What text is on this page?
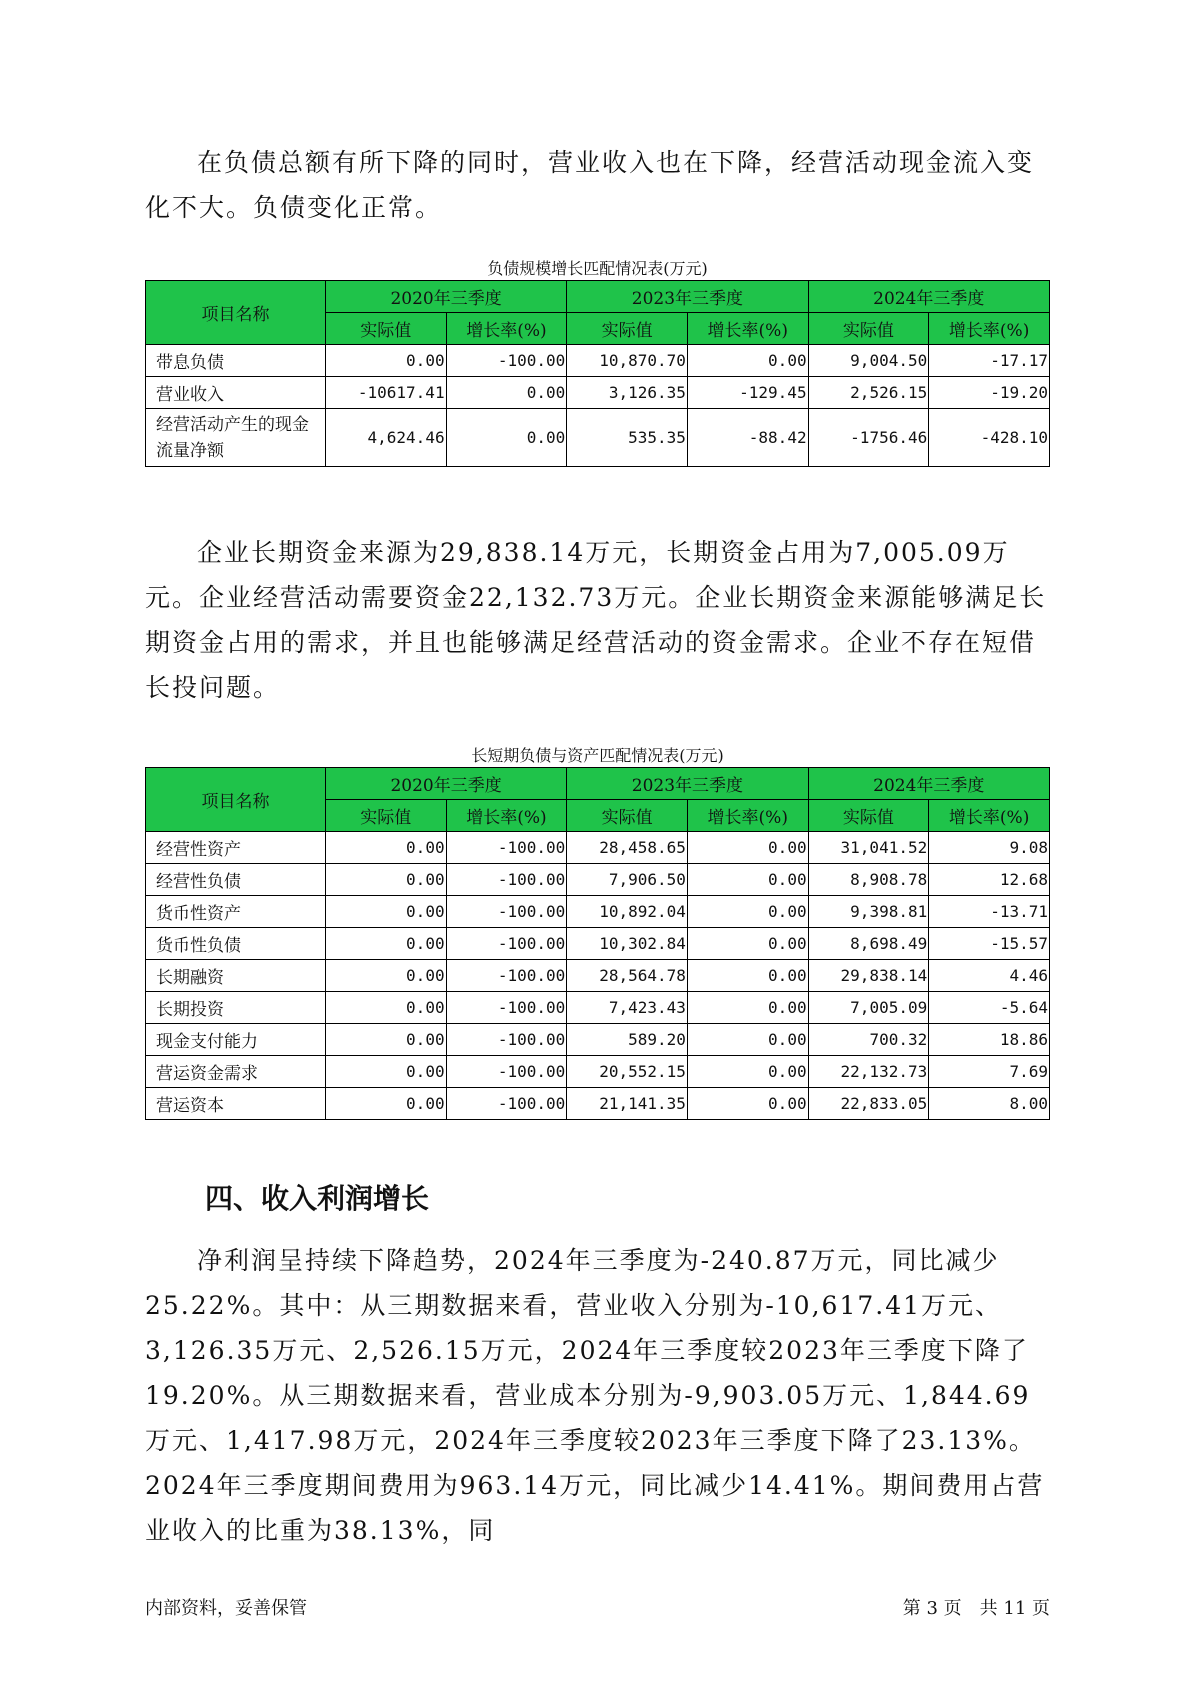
在负债总额有所下降的同时，营业收入也在下降，经营活动现金流入变化不大。负债变化正常。

负债规模增长匹配情况表(万元)
项目名称	2020年三季度		2023年三季度		2024年三季度	
	实际值	增长率(%)	实际值	增长率(%)	实际值	增长率(%)
带息负债	0.00	-100.00	10,870.70	0.00	9,004.50	-17.17
营业收入	-10617.41	0.00	3,126.35	-129.45	2,526.15	-19.20
经营活动产生的现金流量净额	4,624.46	0.00	535.35	-88.42	-1756.46	-428.10

企业长期资金来源为29,838.14万元，长期资金占用为7,005.09万元。企业经营活动需要资金22,132.73万元。企业长期资金来源能够满足长期资金占用的需求，并且也能够满足经营活动的资金需求。企业不存在短借长投问题。

长短期负债与资产匹配情况表(万元)
项目名称	2020年三季度		2023年三季度		2024年三季度	
	实际值	增长率(%)	实际值	增长率(%)	实际值	增长率(%)
经营性资产	0.00	-100.00	28,458.65	0.00	31,041.52	9.08
经营性负债	0.00	-100.00	7,906.50	0.00	8,908.78	12.68
货币性资产	0.00	-100.00	10,892.04	0.00	9,398.81	-13.71
货币性负债	0.00	-100.00	10,302.84	0.00	8,698.49	-15.57
长期融资	0.00	-100.00	28,564.78	0.00	29,838.14	4.46
长期投资	0.00	-100.00	7,423.43	0.00	7,005.09	-5.64
现金支付能力	0.00	-100.00	589.20	0.00	700.32	18.86
营运资金需求	0.00	-100.00	20,552.15	0.00	22,132.73	7.69
营运资本	0.00	-100.00	21,141.35	0.00	22,833.05	8.00
四、收入利润增长

净利润呈持续下降趋势，2024年三季度为-240.87万元，同比减少25.22%。其中：从三期数据来看，营业收入分别为-10,617.41万元、3,126.35万元、2,526.15万元，2024年三季度较2023年三季度下降了19.20%。从三期数据来看，营业成本分别为-9,903.05万元、1,844.69万元、1,417.98万元，2024年三季度较2023年三季度下降了23.13%。2024年三季度期间费用为963.14万元，同比减少14.41%。期间费用占营业收入的比重为38.13%，同

内部资料，妥善保管	第 3 页　共 11 页
